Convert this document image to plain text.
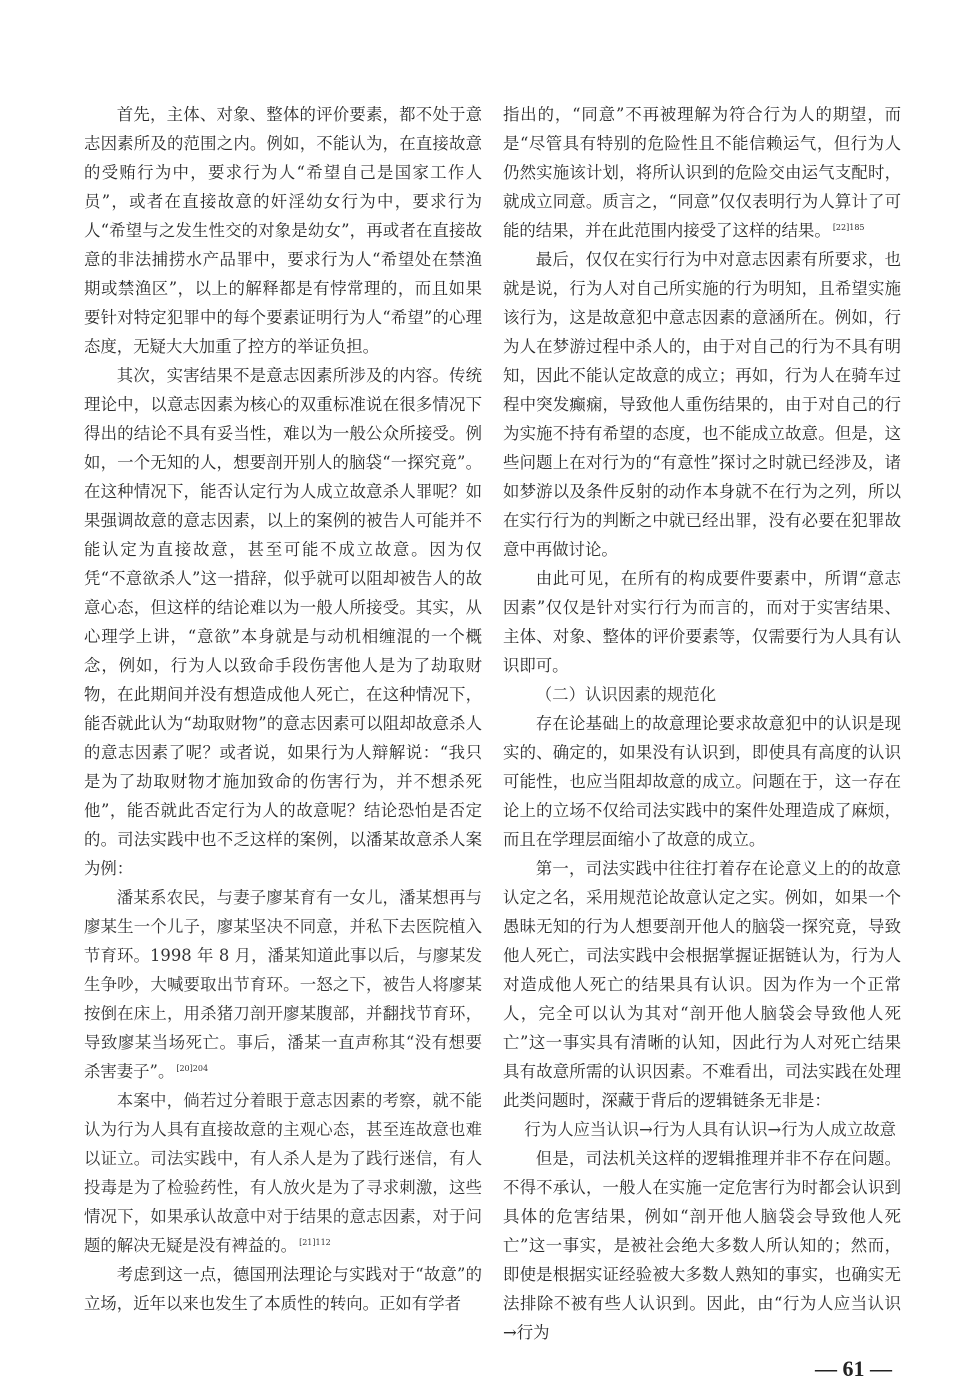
首先，主体、对象、整体的评价要素，都不处于意志因素所及的范围之内。例如，不能认为，在直接故意的受贿行为中，要求行为人“希望自己是国家工作人员”，或者在直接故意的奸淫幼女行为中，要求行为人“希望与之发生性交的对象是幼女”，再或者在直接故意的非法捕捞水产品罪中，要求行为人“希望处在禁渔期或禁渔区”，以上的解释都是有悖常理的，而且如果要针对特定犯罪中的每个要素证明行为人“希望”的心理态度，无疑大大加重了控方的举证负担。

其次，实害结果不是意志因素所涉及的内容。传统理论中，以意志因素为核心的双重标准说在很多情况下得出的结论不具有妥当性，难以为一般公众所接受。例如，一个无知的人，想要剖开别人的脑袋“一探究竟”。在这种情况下，能否认定行为人成立故意杀人罪呢？如果强调故意的意志因素，以上的案例的被告人可能并不能认定为直接故意，甚至可能不成立故意。因为仅凭“不意欲杀人”这一措辞，似乎就可以阻却被告人的故意心态，但这样的结论难以为一般人所接受。其实，从心理学上讲，“意欲”本身就是与动机相缠混的一个概念，例如，行为人以致命手段伤害他人是为了劫取财物，在此期间并没有想造成他人死亡，在这种情况下，能否就此认为“劫取财物”的意志因素可以阻却故意杀人的意志因素了呢？或者说，如果行为人辩解说：“我只是为了劫取财物才施加致命的伤害行为，并不想杀死他”，能否就此否定行为人的故意呢？结论恐怕是否定的。司法实践中也不乏这样的案例，以潘某故意杀人案为例：

潘某系农民，与妻子廖某育有一女儿，潘某想再与廖某生一个儿子，廖某坚决不同意，并私下去医院植入节育环。1998 年 8 月，潘某知道此事以后，与廖某发生争吵，大喊要取出节育环。一怒之下，被告人将廖某按倒在床上，用杀猪刀剖开廖某腹部，并翻找节育环，导致廖某当场死亡。事后，潘某一直声称其“没有想要杀害妻子”。 $^{[20]204}$

本案中，倘若过分着眼于意志因素的考察，就不能认为行为人具有直接故意的主观心态，甚至连故意也难以证立。司法实践中，有人杀人是为了践行迷信，有人投毒是为了检验药性，有人放火是为了寻求刺激，这些情况下，如果承认故意中对于结果的意志因素，对于问题的解决无疑是没有裨益的。 $^{[21]112}$

考虑到这一点，德国刑法理论与实践对于“故意”的立场，近年以来也发生了本质性的转向。正如有学者

指出的，“同意”不再被理解为符合行为人的期望，而是“尽管具有特别的危险性且不能信赖运气，但行为人仍然实施该计划，将所认识到的危险交由运气支配时，就成立同意。质言之，“同意”仅仅表明行为人算计了可能的结果，并在此范围内接受了这样的结果。 $^{[22]185}$

最后，仅仅在实行行为中对意志因素有所要求，也就是说，行为人对自己所实施的行为明知，且希望实施该行为，这是故意犯中意志因素的意涵所在。例如，行为人在梦游过程中杀人的，由于对自己的行为不具有明知，因此不能认定故意的成立；再如，行为人在骑车过程中突发癫痫，导致他人重伤结果的，由于对自己的行为实施不持有希望的态度，也不能成立故意。但是，这些问题上在对行为的“有意性”探讨之时就已经涉及，诸如梦游以及条件反射的动作本身就不在行为之列，所以在实行行为的判断之中就已经出罪，没有必要在犯罪故意中再做讨论。

由此可见，在所有的构成要件要素中，所谓“意志因素”仅仅是针对实行行为而言的，而对于实害结果、主体、对象、整体的评价要素等，仅需要行为人具有认识即可。

（二）认识因素的规范化

存在论基础上的故意理论要求故意犯中的认识是现实的、确定的，如果没有认识到，即使具有高度的认识可能性，也应当阻却故意的成立。问题在于，这一存在论上的立场不仅给司法实践中的案件处理造成了麻烦，而且在学理层面缩小了故意的成立。

第一，司法实践中往往打着存在论意义上的的故意认定之名，采用规范论故意认定之实。例如，如果一个愚昧无知的行为人想要剖开他人的脑袋一探究竟，导致他人死亡，司法实践中会根据掌握证据链认为，行为人对造成他人死亡的结果具有认识。因为作为一个正常人，完全可以认为其对“剖开他人脑袋会导致他人死亡”这一事实具有清晰的认知，因此行为人对死亡结果具有故意所需的认识因素。不难看出，司法实践在处理此类问题时，深藏于背后的逻辑链条无非是：

行为人应当认识→行为人具有认识→行为人成立故意

但是，司法机关这样的逻辑推理并非不存在问题。不得不承认，一般人在实施一定危害行为时都会认识到具体的危害结果，例如“剖开他人脑袋会导致他人死亡”这一事实，是被社会绝大多数人所认知的；然而，即使是根据实证经验被大多数人熟知的事实，也确实无法排除不被有些人认识到。因此，由“行为人应当认识→行为

— 61 —
